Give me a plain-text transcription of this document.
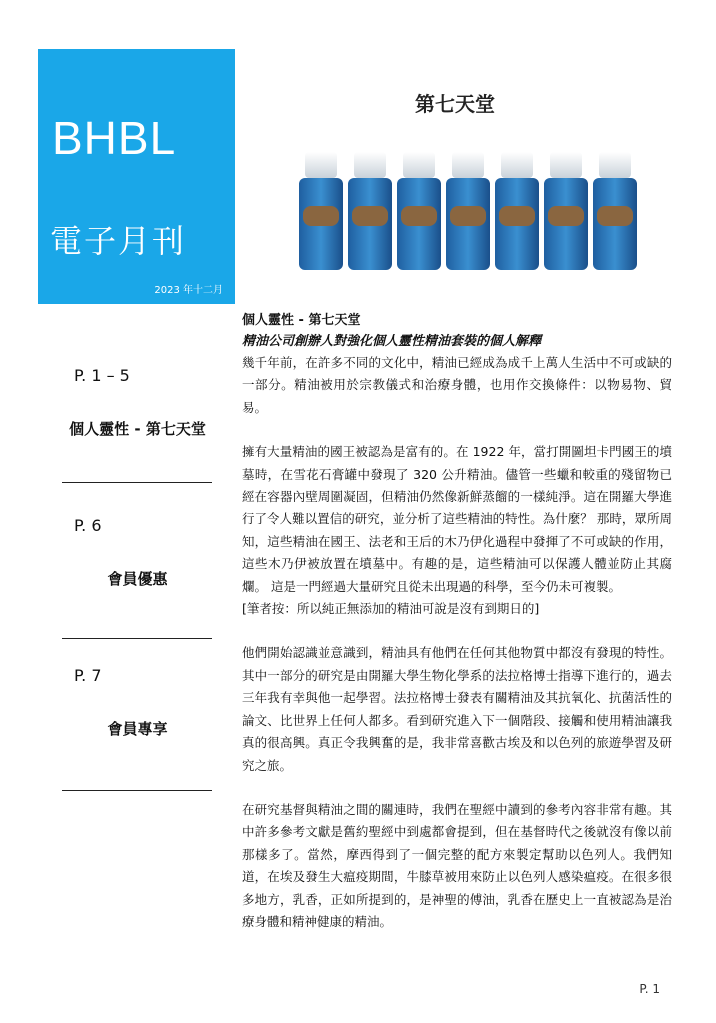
BHBL
電子月刊
2023 年十二月
第七天堂
P. 1 – 5
個人靈性 - 第七天堂
P. 6
會員優惠
P. 7
會員專享

個人靈性 - 第七天堂

精油公司創辦人對強化個人靈性精油套裝的個人解釋

幾千年前，在許多不同的文化中，精油已經成為成千上萬人生活中不可或缺的一部分。精油被用於宗教儀式和治療身體，也用作交換條件：以物易物、貿易。

擁有大量精油的國王被認為是富有的。在 1922 年，當打開圖坦卡門國王的墳墓時，在雪花石膏罐中發現了 320 公升精油。儘管一些蠟和較重的殘留物已經在容器內壁周圍凝固，但精油仍然像新鮮蒸餾的一樣純淨。這在開羅大學進行了令人難以置信的研究，並分析了這些精油的特性。為什麼？ 那時，眾所周知，這些精油在國王、法老和王后的木乃伊化過程中發揮了不可或缺的作用，這些木乃伊被放置在墳墓中。有趣的是，這些精油可以保護人體並防止其腐爛。 這是一門經過大量研究且從未出現過的科學，至今仍未可複製。

[筆者按：所以純正無添加的精油可說是沒有到期日的]

他們開始認識並意識到，精油具有他們在任何其他物質中都沒有發現的特性。其中一部分的研究是由開羅大學生物化學系的法拉格博士指導下進行的，過去三年我有幸與他一起學習。法拉格博士發表有關精油及其抗氧化、抗菌活性的論文、比世界上任何人都多。看到研究進入下一個階段、接觸和使用精油讓我真的很高興。真正令我興奮的是，我非常喜歡古埃及和以色列的旅遊學習及研究之旅。

在研究基督與精油之間的關連時，我們在聖經中讀到的參考內容非常有趣。其中許多參考文獻是舊約聖經中到處都會提到，但在基督時代之後就沒有像以前那樣多了。當然，摩西得到了一個完整的配方來製定幫助以色列人。我們知道，在埃及發生大瘟疫期間，牛膝草被用來防止以色列人感染瘟疫。在很多很多地方，乳香，正如所提到的，是神聖的傅油，乳香在歷史上一直被認為是治療身體和精神健康的精油。

P. 1
